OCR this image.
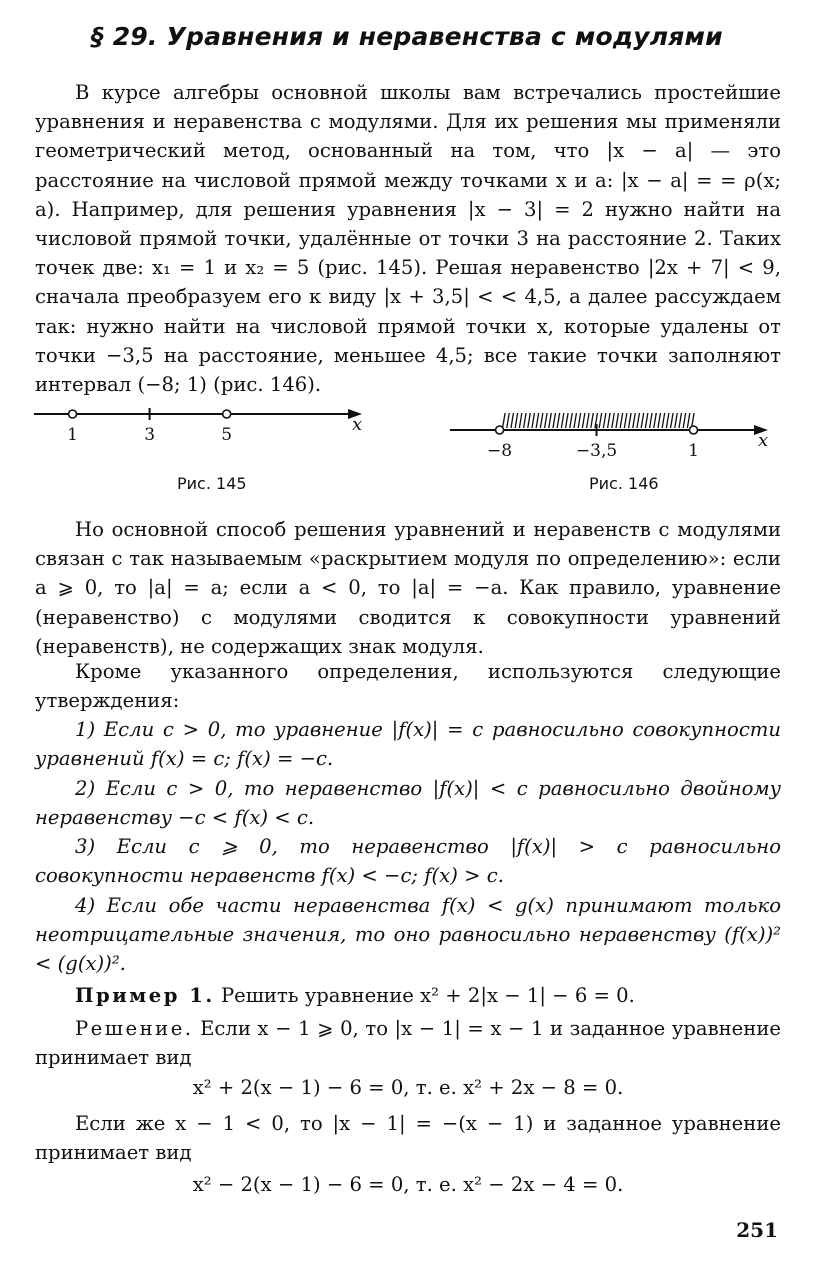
§ 29. Уравнения и неравенства с модулями
В курсе алгебры основной школы вам встречались простейшие уравнения и неравенства с модулями. Для их решения мы применяли геометрический метод, основанный на том, что |x − a| — это расстояние на числовой прямой между точками x и a: |x − a| = = ρ(x; a). Например, для решения уравнения |x − 3| = 2 нужно найти на числовой прямой точки, удалённые от точки 3 на расстояние 2. Таких точек две: x₁ = 1 и x₂ = 5 (рис. 145). Решая неравенство |2x + 7| < 9, сначала преобразуем его к виду |x + 3,5| < < 4,5, а далее рассуждаем так: нужно найти на числовой прямой точки x, которые удалены от точки −3,5 на расстояние, меньшее 4,5; все такие точки заполняют интервал (−8; 1) (рис. 146).
1	3	5	x
Рис. 145
−8	−3,5	1	x
Рис. 146
Но основной способ решения уравнений и неравенств с модулями связан с так называемым «раскрытием модуля по определению»: если a ⩾ 0, то |a| = a; если a < 0, то |a| = −a. Как правило, уравнение (неравенство) с модулями сводится к совокупности уравнений (неравенств), не содержащих знак модуля.
Кроме указанного определения, используются следующие утверждения:
1) Если c > 0, то уравнение |f(x)| = c равносильно совокупности уравнений f(x) = c; f(x) = −c.
2) Если c > 0, то неравенство |f(x)| < c равносильно двойному неравенству −c < f(x) < c.
3) Если c ⩾ 0, то неравенство |f(x)| > c равносильно совокупности неравенств f(x) < −c; f(x) > c.
4) Если обе части неравенства f(x) < g(x) принимают только неотрицательные значения, то оно равносильно неравенству (f(x))² < (g(x))².
Пример 1. Решить уравнение x² + 2|x − 1| − 6 = 0.
Решение. Если x − 1 ⩾ 0, то |x − 1| = x − 1 и заданное уравнение принимает вид
x² + 2(x − 1) − 6 = 0, т. е. x² + 2x − 8 = 0.
Если же x − 1 < 0, то |x − 1| = −(x − 1) и заданное уравнение принимает вид
x² − 2(x − 1) − 6 = 0, т. е. x² − 2x − 4 = 0.
251
